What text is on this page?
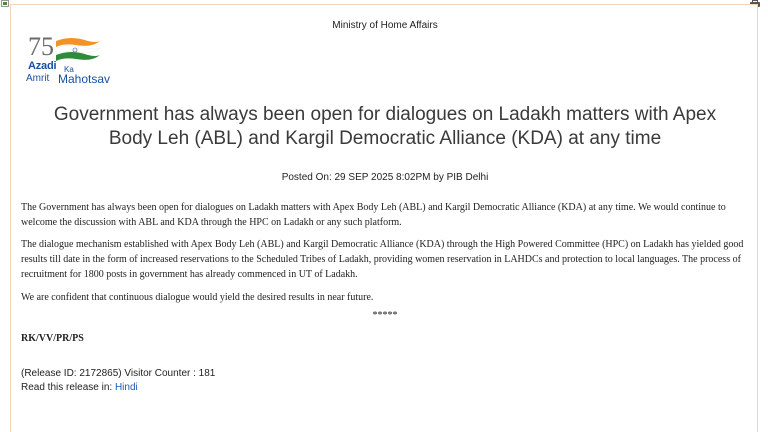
Ministry of Home Affairs
75
Azadi Ka
Amrit Mahotsav
Government has always been open for dialogues on Ladakh matters with Apex
Body Leh (ABL) and Kargil Democratic Alliance (KDA) at any time
Posted On: 29 SEP 2025 8:02PM by PIB Delhi

The Government has always been open for dialogues on Ladakh matters with Apex Body Leh (ABL) and Kargil Democratic Alliance (KDA) at any time. We would continue to welcome the discussion with ABL and KDA through the HPC on Ladakh or any such platform.

The dialogue mechanism established with Apex Body Leh (ABL) and Kargil Democratic Alliance (KDA) through the High Powered Committee (HPC) on Ladakh has yielded good results till date in the form of increased reservations to the Scheduled Tribes of Ladakh, providing women reservation in LAHDCs and protection to local languages. The process of recruitment for 1800 posts in government has already commenced in UT of Ladakh.

We are confident that continuous dialogue would yield the desired results in near future.

*****
RK/VV/PR/PS
(Release ID: 2172865) Visitor Counter : 181
Read this release in: Hindi
